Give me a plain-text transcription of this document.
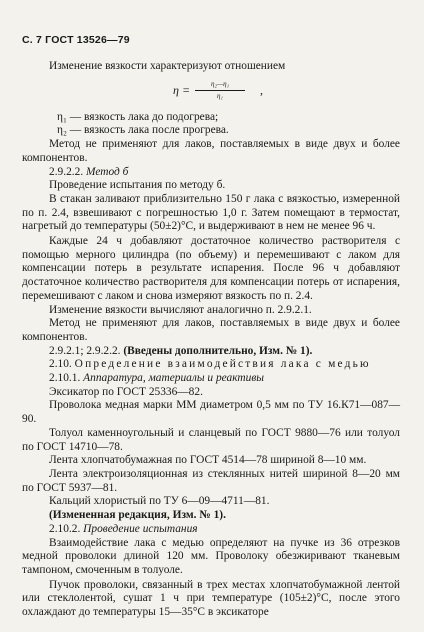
С. 7 ГОСТ 13526—79

Изменение вязкости характеризуют отношением

$\eta = \frac{\text{η₂—η₁}}{\text{η₁}}$ ,

η₁ — вязкость лака до подогрева;

η₂ — вязкость лака после прогрева.

Метод не применяют для лаков, поставляемых в виде двух и более компонентов.

2.9.2.2. Метод б

Проведение испытания по методу б.

В стакан заливают приблизительно 150 г лака с вязкостью, измеренной по п. 2.4, взвешивают с погрешностью 1,0 г. Затем помещают в термостат, нагретый до температуры (50±2)°С, и выдерживают в нем не менее 96 ч.

Каждые 24 ч добавляют достаточное количество растворителя с помощью мерного цилиндра (по объему) и перемешивают с лаком для компенсации потерь в результате испарения. После 96 ч добавляют достаточное количество растворителя для компенсации потерь от испарения, перемешивают с лаком и снова измеряют вязкость по п. 2.4.

Изменение вязкости вычисляют аналогично п. 2.9.2.1.

Метод не применяют для лаков, поставляемых в виде двух и более компонентов.

2.9.2.1; 2.9.2.2. (Введены дополнительно, Изм. № 1).

2.10. Определение взаимодействия лака с медью

2.10.1. Аппаратура, материалы и реактивы

Эксикатор по ГОСТ 25336—82.

Проволока медная марки ММ диаметром 0,5 мм по ТУ 16.К71—087—90.

Толуол каменноугольный и сланцевый по ГОСТ 9880—76 или толуол по ГОСТ 14710—78.

Лента хлопчатобумажная по ГОСТ 4514—78 шириной 8—10 мм.

Лента электроизоляционная из стеклянных нитей шириной 8—20 мм по ГОСТ 5937—81.

Кальций хлористый по ТУ 6—09—4711—81.

(Измененная редакция, Изм. № 1).

2.10.2. Проведение испытания

Взаимодействие лака с медью определяют на пучке из 36 отрезков медной проволоки длиной 120 мм. Проволоку обезжиривают тканевым тампоном, смоченным в толуоле.

Пучок проволоки, связанный в трех местах хлопчатобумажной лентой или стеклолентой, сушат 1 ч при температуре (105±2)°С, после этого охлаждают до температуры 15—35°С в эксикаторе
